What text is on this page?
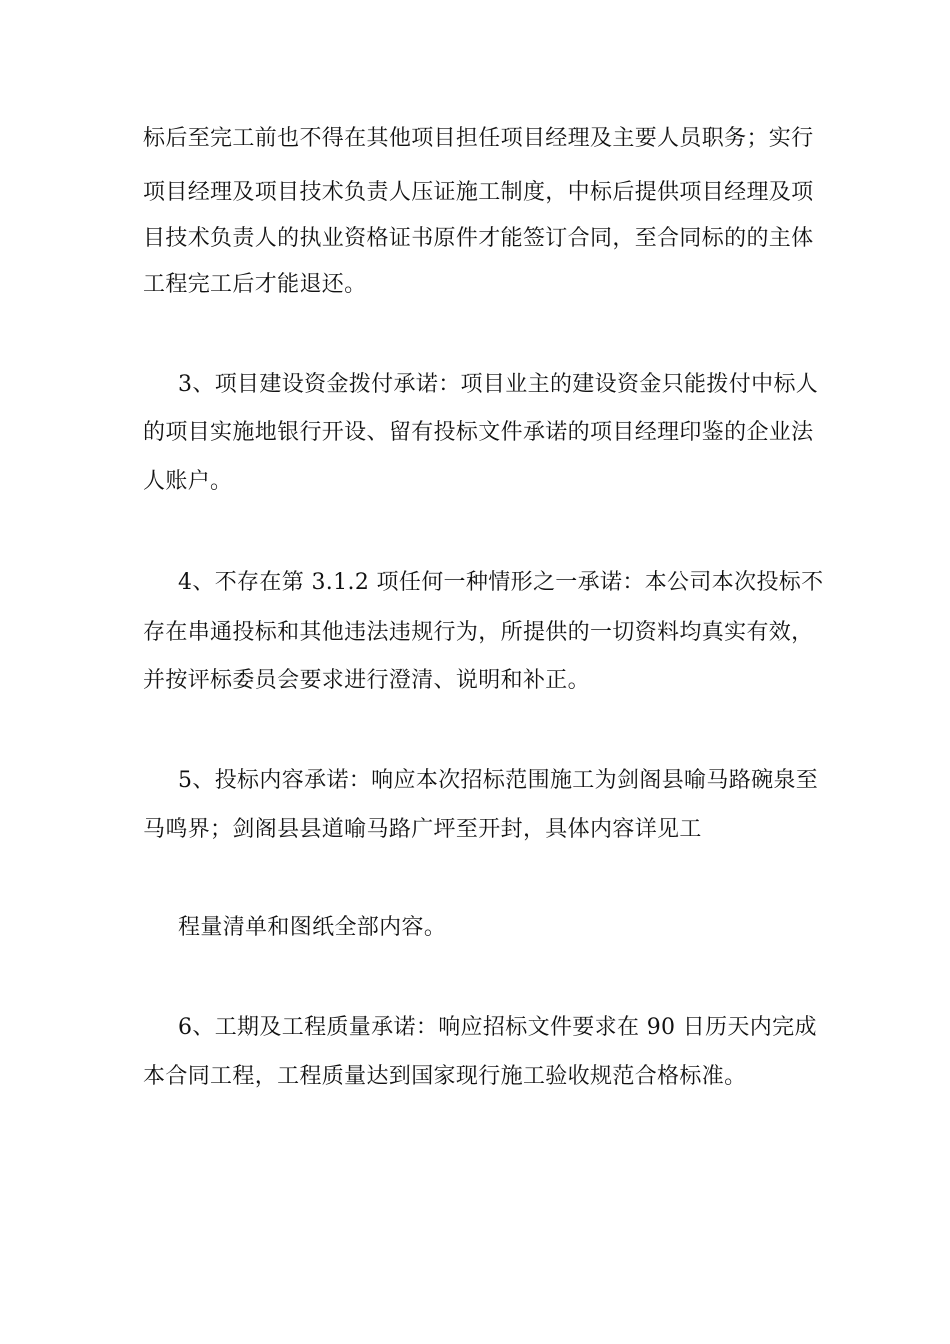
标后至完工前也不得在其他项目担任项目经理及主要人员职务；实行
项目经理及项目技术负责人压证施工制度，中标后提供项目经理及项
目技术负责人的执业资格证书原件才能签订合同，至合同标的的主体
工程完工后才能退还。
3、项目建设资金拨付承诺：项目业主的建设资金只能拨付中标人
的项目实施地银行开设、留有投标文件承诺的项目经理印鉴的企业法
人账户。
4、不存在第 3.1.2 项任何一种情形之一承诺：本公司本次投标不
存在串通投标和其他违法违规行为，所提供的一切资料均真实有效，
并按评标委员会要求进行澄清、说明和补正。
5、投标内容承诺：响应本次招标范围施工为剑阁县喻马路碗泉至
马鸣界；剑阁县县道喻马路广坪至开封，具体内容详见工
程量清单和图纸全部内容。
6、工期及工程质量承诺：响应招标文件要求在 90 日历天内完成
本合同工程，工程质量达到国家现行施工验收规范合格标准。
